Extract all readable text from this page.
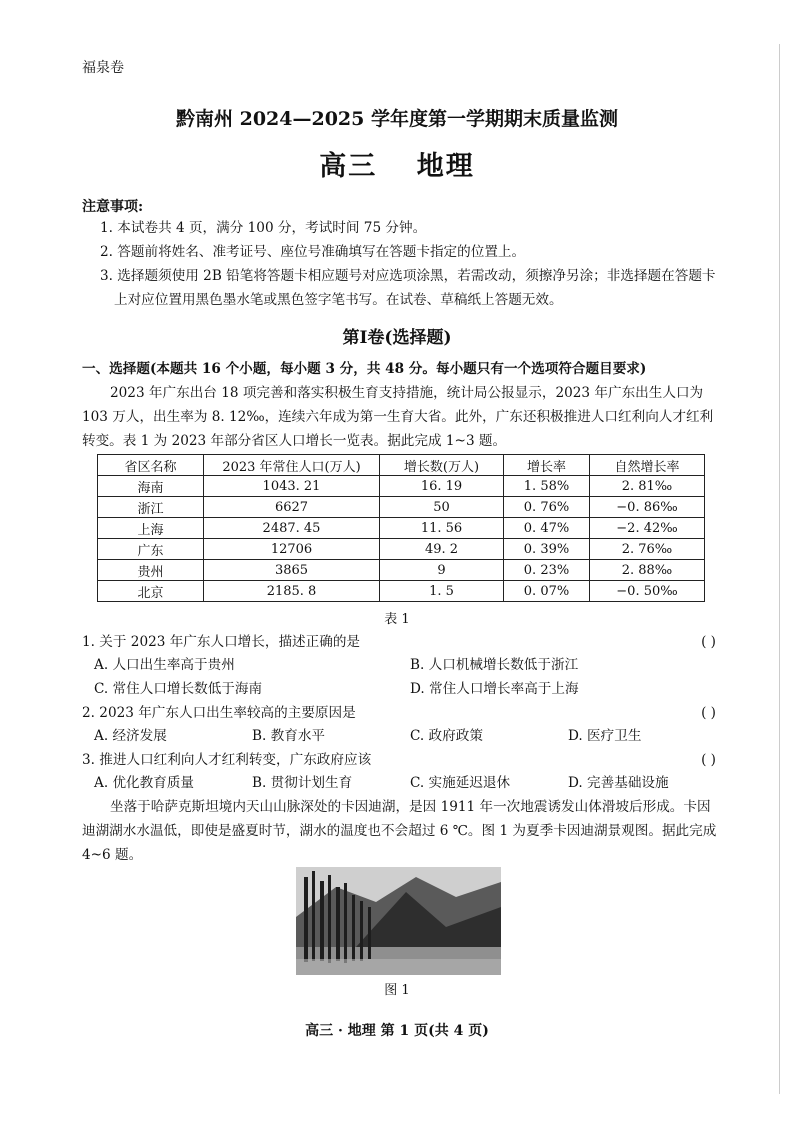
福泉卷
黔南州 2024—2025 学年度第一学期期末质量监测
高三 地理
注意事项:
1. 本试卷共 4 页，满分 100 分，考试时间 75 分钟。
2. 答题前将姓名、准考证号、座位号准确填写在答题卡指定的位置上。
3. 选择题须使用 2B 铅笔将答题卡相应题号对应选项涂黑，若需改动，须擦净另涂；非选择题在答题卡上对应位置用黑色墨水笔或黑色签字笔书写。在试卷、草稿纸上答题无效。
第Ⅰ卷(选择题)
一、选择题(本题共 16 个小题，每小题 3 分，共 48 分。每小题只有一个选项符合题目要求)
2023 年广东出台 18 项完善和落实积极生育支持措施，统计局公报显示，2023 年广东出生人口为 103 万人，出生率为 8. 12‰，连续六年成为第一生育大省。此外，广东还积极推进人口红利向人才红利转变。表 1 为 2023 年部分省区人口增长一览表。据此完成 1~3 题。
省区名称	2023 年常住人口(万人)	增长数(万人)	增长率	自然增长率
海南	1043. 21	16. 19	1. 58%	2. 81‰
浙江	6627	50	0. 76%	−0. 86‰
上海	2487. 45	11. 56	0. 47%	−2. 42‰
广东	12706	49. 2	0. 39%	2. 76‰
贵州	3865	9	0. 23%	2. 88‰
北京	2185. 8	1. 5	0. 07%	−0. 50‰
表 1
1. 关于 2023 年广东人口增长，描述正确的是	( )
A. 人口出生率高于贵州	B. 人口机械增长数低于浙江
C. 常住人口增长数低于海南	D. 常住人口增长率高于上海
2. 2023 年广东人口出生率较高的主要原因是	( )
A. 经济发展	B. 教育水平	C. 政府政策	D. 医疗卫生
3. 推进人口红利向人才红利转变，广东政府应该	( )
A. 优化教育质量	B. 贯彻计划生育	C. 实施延迟退休	D. 完善基础设施
坐落于哈萨克斯坦境内天山山脉深处的卡因迪湖，是因 1911 年一次地震诱发山体滑坡后形成。卡因迪湖湖水水温低，即使是盛夏时节，湖水的温度也不会超过 6 ℃。图 1 为夏季卡因迪湖景观图。据此完成 4~6 题。
图 1
高三 · 地理 第 1 页(共 4 页)
